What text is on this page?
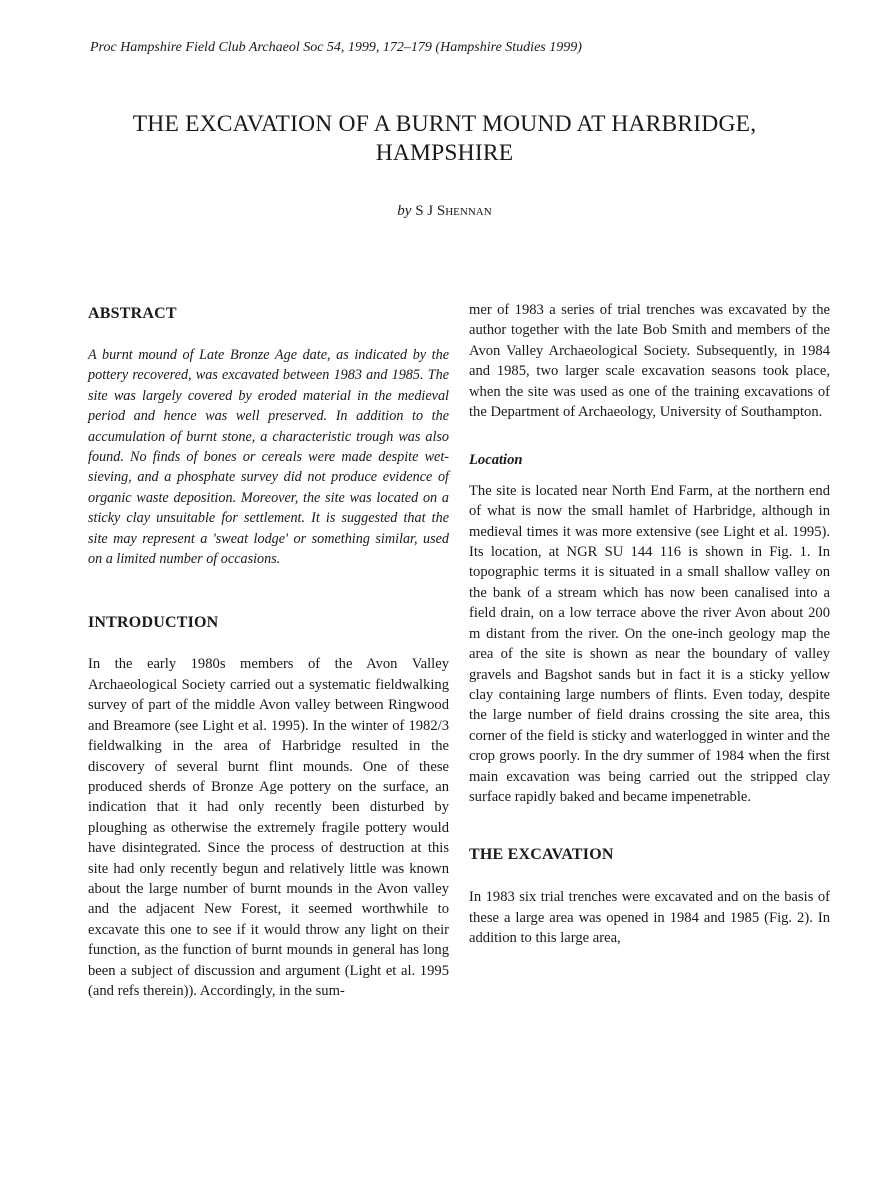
Proc Hampshire Field Club Archaeol Soc 54, 1999, 172–179 (Hampshire Studies 1999)
THE EXCAVATION OF A BURNT MOUND AT HARBRIDGE,
HAMPSHIRE
by S J Shennan
ABSTRACT

A burnt mound of Late Bronze Age date, as indicated by the pottery recovered, was excavated between 1983 and 1985. The site was largely covered by eroded material in the medieval period and hence was well preserved. In addition to the accumulation of burnt stone, a characteristic trough was also found. No finds of bones or cereals were made despite wet-sieving, and a phosphate survey did not produce evidence of organic waste deposition. Moreover, the site was located on a sticky clay unsuitable for settlement. It is suggested that the site may represent a 'sweat lodge' or something similar, used on a limited number of occasions.

INTRODUCTION

In the early 1980s members of the Avon Valley Archaeological Society carried out a systematic fieldwalking survey of part of the middle Avon valley between Ringwood and Breamore (see Light et al. 1995). In the winter of 1982/3 fieldwalking in the area of Harbridge resulted in the discovery of several burnt flint mounds. One of these produced sherds of Bronze Age pottery on the surface, an indication that it had only recently been disturbed by ploughing as otherwise the extremely fragile pottery would have disintegrated. Since the process of destruction at this site had only recently begun and relatively little was known about the large number of burnt mounds in the Avon valley and the adjacent New Forest, it seemed worthwhile to excavate this one to see if it would throw any light on their function, as the function of burnt mounds in general has long been a subject of discussion and argument (Light et al. 1995 (and refs therein)). Accordingly, in the sum-

mer of 1983 a series of trial trenches was excavated by the author together with the late Bob Smith and members of the Avon Valley Archaeological Society. Subsequently, in 1984 and 1985, two larger scale excavation seasons took place, when the site was used as one of the training excavations of the Department of Archaeology, University of Southampton.

Location

The site is located near North End Farm, at the northern end of what is now the small hamlet of Harbridge, although in medieval times it was more extensive (see Light et al. 1995). Its location, at NGR SU 144 116 is shown in Fig. 1. In topographic terms it is situated in a small shallow valley on the bank of a stream which has now been canalised into a field drain, on a low terrace above the river Avon about 200 m distant from the river. On the one-inch geology map the area of the site is shown as near the boundary of valley gravels and Bagshot sands but in fact it is a sticky yellow clay containing large numbers of flints. Even today, despite the large number of field drains crossing the site area, this corner of the field is sticky and waterlogged in winter and the crop grows poorly. In the dry summer of 1984 when the first main excavation was being carried out the stripped clay surface rapidly baked and became impenetrable.

THE EXCAVATION

In 1983 six trial trenches were excavated and on the basis of these a large area was opened in 1984 and 1985 (Fig. 2). In addition to this large area,
